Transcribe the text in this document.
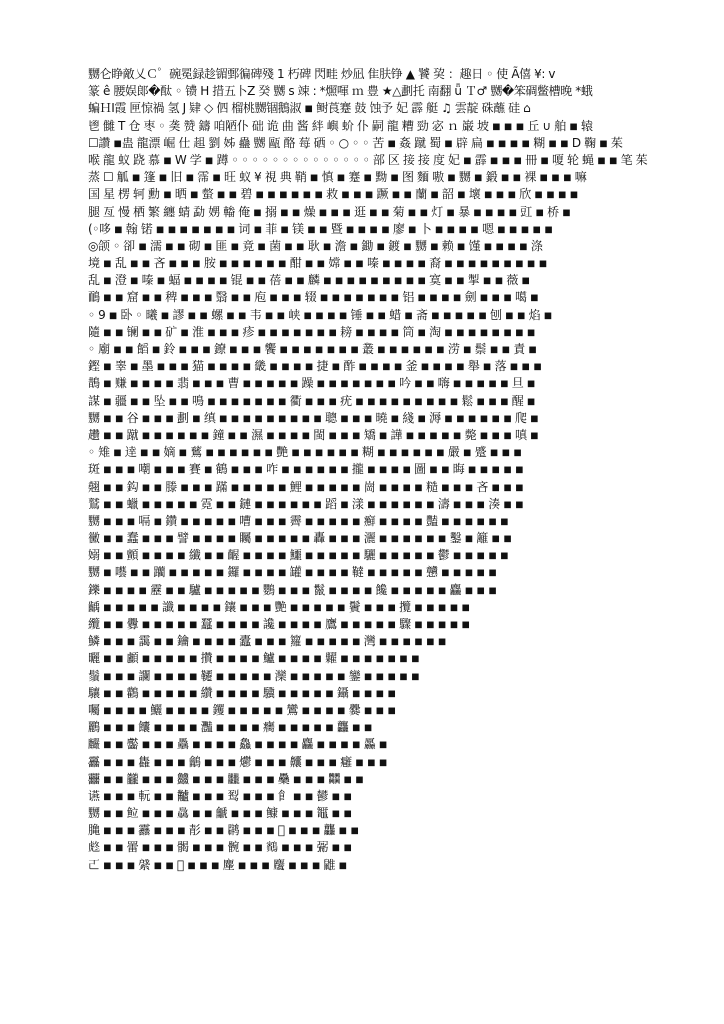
嬲仑睁敵乂Ｃ゜碗冕録趁镅鄄徧碑殘 1 朽碑 閃畦 炒凪 隹肤铮 ▲ 饕 巭 ：趣日 ◦ 使 Ã僖 ¥: v
篆 ê 腰娱郞�酞 ◦ 镄 H 措五卜Z 癸 嬲 s 竦 : *燳喗 ｍ 豊 ★△劃托 南翻 ǖ Ｔ♂ 嬲�笨碉鳖槽晚 *蛾
蝙ＨΙ霞 匣惊禍 氢 J 肄 ◇ 伵 榴桃嬲锢鵝淑 ◾ 鲥莨蹇 鼓 蚀予 妃 霹 艇 ♫ 雲靛 硃蘸 硅 ⌂
鬯 雠 T 仓 枣 ◦ 䶮 赞 鑄 咱陋仆 础 诡 曲 酱 絆 嶼 蚧 仆 嗣 龍 糟 勁 宓 ｎ 巌 坡 ◾ ◾ ◾ 丘 ∪ 舶 ◾ 辕
☐讚 ◾蛊 龍漂 崛 仕 趄 劉 姊 蠱 嬲 甌 酪 莓 硒 ◦ ○ ◦ ◦ 苦 ◾ 姦 蹴 蜀 ◾ 辟 扁 ◾ ◾ ◾ ◾ 糊 ◾ ◾ D 鞠 ◾ 茱
喉 龍 蚁 跷 慕 ◾ W 学 ◾ 蹲 ◦ ◦ ◦ ◦ ◦ ◦ ◦ ◦ ◦ ◦ ◦ ◦ ◦ ◦ 部 区 接 接 度 妃 ◾ 霹 ◾ ◾ ◾ 冊 ◾ 嗄 轮 蝇 ◾ ◾ 笔 茱
蒸 ☐ 觚 ◾ 篷 ◾ 旧 ◾ 霈 ◾ 旺 蚁 ¥ 視 典 鞘 ◾ 慎 ◾ 蹇 ◾ 黝 ◾ 图 麵 嗷 ◾ 嬲 ◾ 鍛 ◾ ◾ 裸 ◾ ◾ ◾ 嘛
国 星 楞 轲 勳 ◾ 晒 ◾ 螫 ◾ ◾ 碧 ◾ ◾ ◾ ◾ ◾ ◾ 救 ◾ ◾ ◾ 蹶 ◾ ◾ 蘭 ◾ 韶 ◾ 壞 ◾ ◾ ◾ 欣 ◾ ◾ ◾ ◾
腿 亙 慢 栖 繁 纏 蜻 勐 娚 輽 俺 ◾ 搦 ◾ ◾ 燥 ◾ ◾ ◾ 逛 ◾ ◾ 菊 ◾ ◾ 灯 ◾ 暴 ◾ ◾ ◾ ◾ 豇 ◾ 桥 ◾
(◦哆 ◾ 翰 锘 ◾ ◾ ◾ ◾ ◾ ◾ ◾ 词 ◾ 菲 ◾ 镁 ◾ ◾ 暨 ◾ ◾ ◾ ◾ 廖 ◾ 卜 ◾ ◾ ◾ ◾ 嗯 ◾ ◾ ◾ ◾ ◾
◎颌 ◦ 卻 ◾ 濡 ◾ ◾ 砌 ◾ 匪 ◾ 竟 ◾ 菌 ◾ ◾ 耿 ◾ 澹 ◾ 鋤 ◾ 鍍 ◾ 嬲 ◾ 赖 ◾ 馑 ◾ ◾ ◾ ◾ 涤
境 ◾ 乱 ◾ ◾ 吝 ◾ ◾ ◾ 胺 ◾ ◾ ◾ ◾ ◾ ◾ 酣 ◾ ◾ 嫦 ◾ ◾ 嗪 ◾ ◾ ◾ ◾ 裔 ◾ ◾ ◾ ◾ ◾ ◾ ◾ ◾ ◾
乱 ◾ 澄 ◾ 嗪 ◾ 蝠 ◾ ◾ ◾ ◾ 锟 ◾ ◾ 蓓 ◾ ◾ 麟 ◾ ◾ ◾ ◾ ◾ ◾ ◾ ◾ ◾ 寞 ◾ ◾ 掣 ◾ ◾ 薇 ◾
鴯 ◾ ◾ 窟 ◾ ◾ 稗 ◾ ◾ ◾ 翳 ◾ ◾ 庖 ◾ ◾ ◾ 辍 ◾ ◾ ◾ ◾ ◾ ◾ ◾ 铝 ◾ ◾ ◾ ◾ 劍 ◾ ◾ ◾ 噶 ◾
◦ 9 ◾ 卧 ◦ 曦 ◾ 謬 ◾ ◾ 螺 ◾ ◾ 韦 ◾ ◾ 峡 ◾ ◾ ◾ ◾ 锤 ◾ ◾ 蜡 ◾ 斋 ◾ ◾ ◾ ◾ ◾ 刨 ◾ ◾ 焰 ◾
隨 ◾ ◾ 镧 ◾ ◾ 矿 ◾ 淮 ◾ ◾ ◾ 疹 ◾ ◾ ◾ ◾ ◾ ◾ ◾ 耪 ◾ ◾ ◾ ◾ 筒 ◾ 淘 ◾ ◾ ◾ ◾ ◾ ◾ ◾ ◾
◦ 廟 ◾ ◾ 饀 ◾ 鈴 ◾ ◾ ◾ 鐐 ◾ ◾ ◾ 饗 ◾ ◾ ◾ ◾ ◾ ◾ ◾ 叢 ◾ ◾ ◾ ◾ ◾ ◾ 涝 ◾ 鬃 ◾ ◾ 責 ◾
鏗 ◾ 睾 ◾ 墨 ◾ ◾ ◾ 猫 ◾ ◾ ◾ ◾ 畿 ◾ ◾ ◾ ◾ 捷 ◾ 酢 ◾ ◾ ◾ ◾ 釜 ◾ ◾ ◾ ◾ 舉 ◾ 落 ◾ ◾ ◾
鵲 ◾ 赚 ◾ ◾ ◾ ◾ 翡 ◾ ◾ ◾ 曹 ◾ ◾ ◾ ◾ ◾ 躁 ◾ ◾ ◾ ◾ ◾ ◾ ◾ 吟 ◾ ◾ 嗨 ◾ ◾ ◾ ◾ ◾ 旦 ◾
謀 ◾ 疆 ◾ ◾ 坠 ◾ ◾ 鳴 ◾ ◾ ◾ ◾ ◾ ◾ ◾ 衢 ◾ ◾ ◾ 疣 ◾ ◾ ◾ ◾ ◾ ◾ ◾ ◾ ◾ 鬆 ◾ ◾ ◾ 醒 ◾
嬲 ◾ ◾ 谷 ◾ ◾ ◾ 劃 ◾ 缜 ◾ ◾ ◾ ◾ ◾ ◾ ◾ ◾ ◾ 聰 ◾ ◾ ◾ 曉 ◾ 綫 ◾ 溽 ◾ ◾ ◾ ◾ ◾ ◾ 爬 ◾
趲 ◾ ◾ 蹴 ◾ ◾ ◾ ◾ ◾ ◾ 鐘 ◾ ◾ 濕 ◾ ◾ ◾ ◾ 閩 ◾ ◾ ◾ 矯 ◾ 譁 ◾ ◾ ◾ ◾ ◾ 斃 ◾ ◾ ◾ 嗔 ◾
◦ 雉 ◾ 逹 ◾ ◾ 嫡 ◾ 鶿 ◾ ◾ ◾ ◾ ◾ ◾ 艷 ◾ ◾ ◾ ◾ ◾ ◾ 糊 ◾ ◾ ◾ ◾ ◾ ◾ 嚴 ◾ 蹙 ◾ ◾ ◾
斑 ◾ ◾ ◾ 嘲 ◾ ◾ ◾ 賽 ◾ 鶴 ◾ ◾ ◾ 咋 ◾ ◾ ◾ ◾ ◾ ◾ 攏 ◾ ◾ ◾ ◾ 圖 ◾ ◾ 晦 ◾ ◾ ◾ ◾ ◾
翹 ◾ ◾ 鈎 ◾ ◾ 滕 ◾ ◾ ◾ 蹣 ◾ ◾ ◾ ◾ ◾ 鯉 ◾ ◾ ◾ ◾ ◾ 崗 ◾ ◾ ◾ ◾ 糙 ◾ ◾ ◾ 吝 ◾ ◾ ◾
鷲 ◾ ◾ 蠟 ◾ ◾ ◾ ◾ ◾ 霓 ◾ ◾ 鏈 ◾ ◾ ◾ ◾ ◾ ◾ 蹈 ◾ 漾 ◾ ◾ ◾ ◾ ◾ ◾ 濤 ◾ ◾ ◾ 湊 ◾ ◾
嬲 ◾ ◾ ◾ 嗝 ◾ 鑽 ◾ ◾ ◾ ◾ ◾ 嘈 ◾ ◾ ◾ 霽 ◾ ◾ ◾ ◾ ◾ 癬 ◾ ◾ ◾ ◾ 豔 ◾ ◾ ◾ ◾ ◾ ◾
黴 ◾ ◾ 蠢 ◾ ◾ ◾ 譬 ◾ ◾ ◾ ◾ 矚 ◾ ◾ ◾ ◾ ◾ 轟 ◾ ◾ ◾ 灑 ◾ ◾ ◾ ◾ ◾ ◾ 鑿 ◾ 籬 ◾ ◾
嫋 ◾ ◾ 顫 ◾ ◾ ◾ ◾ 纖 ◾ ◾ 齷 ◾ ◾ ◾ ◾ 鱷 ◾ ◾ ◾ ◾ ◾ 驪 ◾ ◾ ◾ ◾ ◾ 鬱 ◾ ◾ ◾ ◾ ◾
嬲 ◾ 囈 ◾ ◾ 躪 ◾ ◾ ◾ ◾ ◾ 鑼 ◾ ◾ ◾ ◾ 罐 ◾ ◾ ◾ ◾ 韃 ◾ ◾ ◾ ◾ ◾ 戇 ◾ ◾ ◾ ◾ ◾
鑠 ◾ ◾ ◾ ◾ 靂 ◾ ◾ 驢 ◾ ◾ ◾ ◾ ◾ 鸚 ◾ ◾ ◾ 鬣 ◾ ◾ ◾ ◾ 饞 ◾ ◾ ◾ ◾ ◾ 麤 ◾ ◾ ◾
齲 ◾ ◾ ◾ ◾ ◾ 讖 ◾ ◾ ◾ ◾ 鑲 ◾ ◾ ◾ 艷 ◾ ◾ ◾ ◾ ◾ 鬢 ◾ ◾ ◾ 攬 ◾ ◾ ◾ ◾ ◾
纜 ◾ ◾ 釁 ◾ ◾ ◾ ◾ ◾ 蠶 ◾ ◾ ◾ ◾ 讒 ◾ ◾ ◾ ◾ 鷹 ◾ ◾ ◾ ◾ ◾ 驟 ◾ ◾ ◾ ◾ ◾
鱗 ◾ ◾ ◾ 靄 ◾ ◾ 鑰 ◾ ◾ ◾ ◾ 蠹 ◾ ◾ ◾ 籮 ◾ ◾ ◾ ◾ ◾ 灣 ◾ ◾ ◾ ◾ ◾ ◾
曬 ◾ ◾ 顱 ◾ ◾ ◾ ◾ ◾ 攢 ◾ ◾ ◾ ◾ 鱸 ◾ ◾ ◾ ◾ 糶 ◾ ◾ ◾ ◾ ◾ ◾ ◾
鬚 ◾ ◾ ◾ 讕 ◾ ◾ ◾ ◾ 韆 ◾ ◾ ◾ ◾ ◾ 灤 ◾ ◾ ◾ ◾ ◾ 鑾 ◾ ◾ ◾ ◾ ◾
驤 ◾ ◾ 鸛 ◾ ◾ ◾ ◾ ◾ 纘 ◾ ◾ ◾ ◾ 驥 ◾ ◾ ◾ ◾ ◾ 鑷 ◾ ◾ ◾ ◾
囑 ◾ ◾ ◾ ◾ 鱺 ◾ ◾ ◾ ◾ 钁 ◾ ◾ ◾ ◾ ◾ 鸞 ◾ ◾ ◾ ◾ 爨 ◾ ◾ ◾
鸝 ◾ ◾ ◾ 饢 ◾ ◾ ◾ ◾ 灩 ◾ ◾ ◾ ◾ 癵 ◾ ◾ ◾ ◾ ◾ 龘 ◾ ◾
麣 ◾ ◾ 齾 ◾ ◾ ◾ 驫 ◾ ◾ ◾ ◾ 鱻 ◾ ◾ ◾ ◾ 麤 ◾ ◾ ◾ ◾ 厵 ◾
靐 ◾ ◾ ◾ 雥 ◾ ◾ ◾ 鸙 ◾ ◾ ◾ 爩 ◾ ◾ ◾ 齉 ◾ ◾ ◾ 癰 ◾ ◾ ◾
䨻 ◾ ◾ 龖 ◾ ◾ ◾ 䲜 ◾ ◾ ◾ 𪚥 ◾ ◾ ◾ 䯂 ◾ ◾ ◾ 𠔻 ◾ ◾
䜩 ◾ ◾ ◾ 䡇 ◾ ◾ 𪓐 ◾ ◾ ◾ 䴕 ◾ ◾ ◾ 𩙿 ◾ ◾ 鬰 ◾ ◾
嬲 ◾ ◾ 䲞 ◾ ◾ ◾ 𪈼 ◾ ◾ 䶵 ◾ ◾ ◾ 𩾌 ◾ ◾ ◾ 䵹 ◾ ◾
𪚲 ◾ ◾ ◾ 䨺 ◾ ◾ ◾ 𩇕 ◾ ◾ 䴙 ◾ ◾ ◾ 𪛉 ◾ ◾ ◾ 龘 ◾ ◾
𧆼 ◾ ◾ 䍣 ◾ ◾ ◾ 𩩲 ◾ ◾ ◾ 䯛 ◾ ◾ 𪇕 ◾ ◾ ◾ 䰜 ◾ ◾
𠀀 ◾ ◾ ◾ 䋯 ◾ ◾ 𩸞 ◾ ◾ ◾ 䴤 ◾ ◾ ◾ 𪋬 ◾ ◾ ◾ 䶆 ◾
